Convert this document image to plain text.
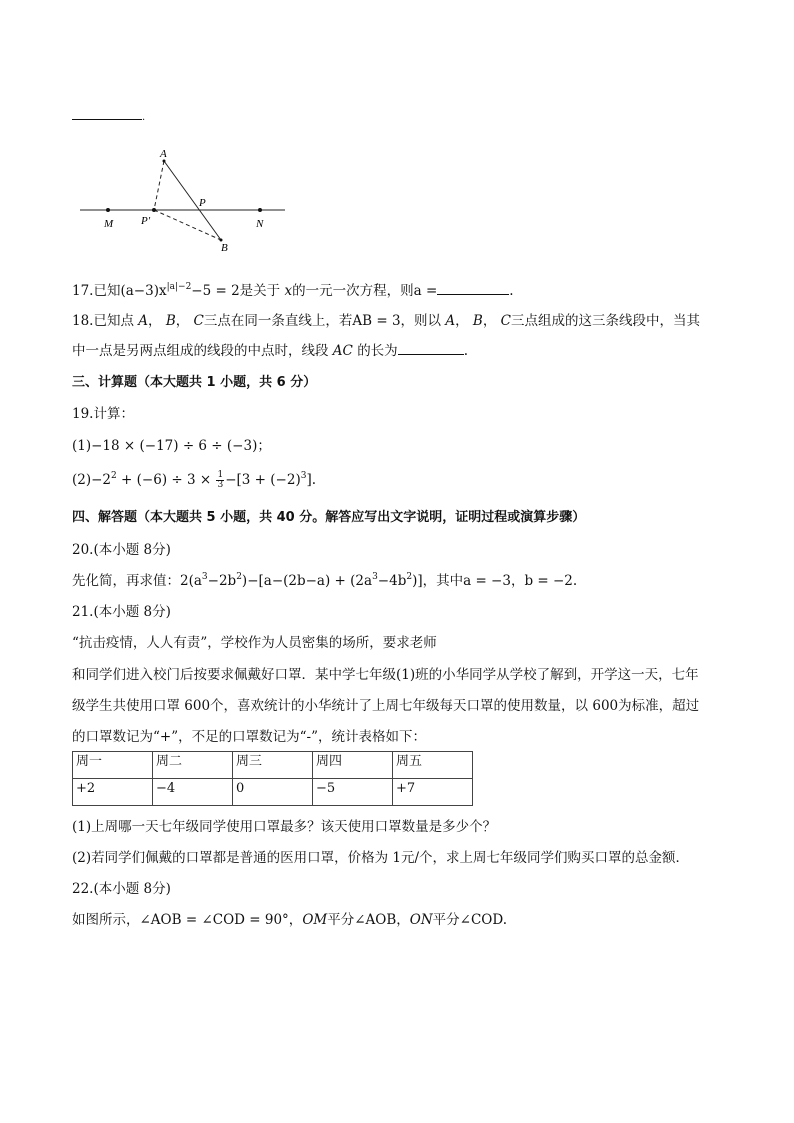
.
A
P
M	P′	N
B
17.已知$(a-3)x^{|a|-2}-5 = 2$是关于 x的一元一次方程，则a =	.
18.已知点 A， B， C三点在同一条直线上，若AB = 3，则以 A， B， C三点组成的这三条线段中，当其
中一点是另两点组成的线段的中点时，线段 AC 的长为	.
三、计算题（本大题共 1 小题，共 6 分）
19.计算：
(1)−18 × (−17) ÷ 6 ÷ (−3)；
$(2)-2^2 + (-6) \div 3 \times \frac{1}{3} -[3 + (-2)^3]$.
四、解答题（本大题共 5 小题，共 40 分。解答应写出文字说明，证明过程或演算步骤）
20.(本小题 8分)
先化简，再求值：$2(a^3-2b^2)-[a-(2b-a) + (2a^3-4b^2)]$，其中a = −3，b = −2.
21.(本小题 8分)
“抗击疫情，人人有责”，学校作为人员密集的场所，要求老师
和同学们进入校门后按要求佩戴好口罩．某中学七年级(1)班的小华同学从学校了解到，开学这一天，七年
级学生共使用口罩 600个，喜欢统计的小华统计了上周七年级每天口罩的使用数量，以 600为标准，超过
的口罩数记为“+”，不足的口罩数记为“-”，统计表格如下：
周一	周二	周三	周四	周五
+2	−4	0	−5	+7
(1)上周哪一天七年级同学使用口罩最多？该天使用口罩数量是多少个？
(2)若同学们佩戴的口罩都是普通的医用口罩，价格为 1元/个，求上周七年级同学们购买口罩的总金额．
22.(本小题 8分)
如图所示，∠AOB = ∠COD = 90°，OM平分∠AOB，ON平分∠COD.
